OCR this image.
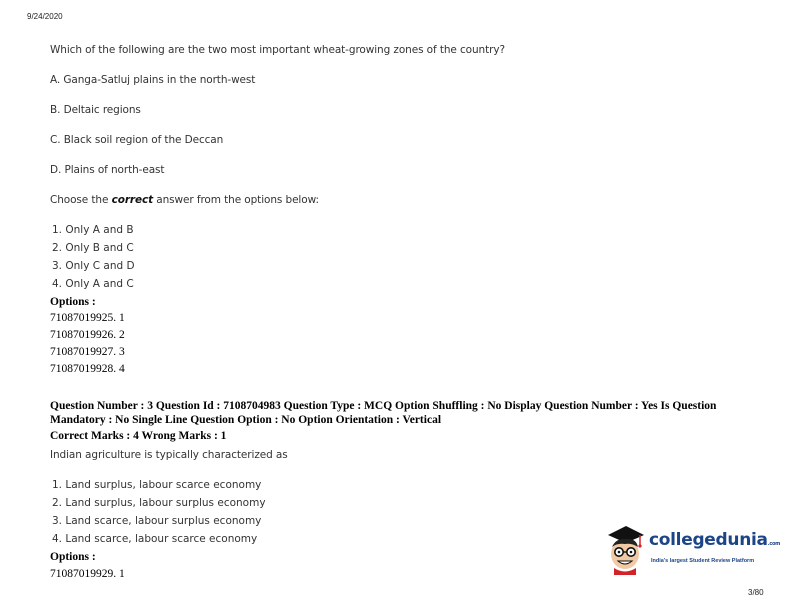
9/24/2020
Which of the following are the two most important wheat-growing zones of the country?
A. Ganga-Satluj plains in the north-west
B. Deltaic regions
C. Black soil region of the Deccan
D. Plains of north-east
Choose the correct answer from the options below:
1. Only A and B
2. Only B and C
3. Only C and D
4. Only A and C
Options :
71087019925. 1
71087019926. 2
71087019927. 3
71087019928. 4
Question Number : 3 Question Id : 7108704983 Question Type : MCQ Option Shuffling : No Display Question Number : Yes Is Question
Mandatory : No Single Line Question Option : No Option Orientation : Vertical
Correct Marks : 4 Wrong Marks : 1
Indian agriculture is typically characterized as
1. Land surplus, labour scarce economy
2. Land surplus, labour surplus economy
3. Land scarce, labour surplus economy
4. Land scarce, labour scarce economy
Options :
71087019929. 1
collegedunia.com
India's largest Student Review Platform
3/80
